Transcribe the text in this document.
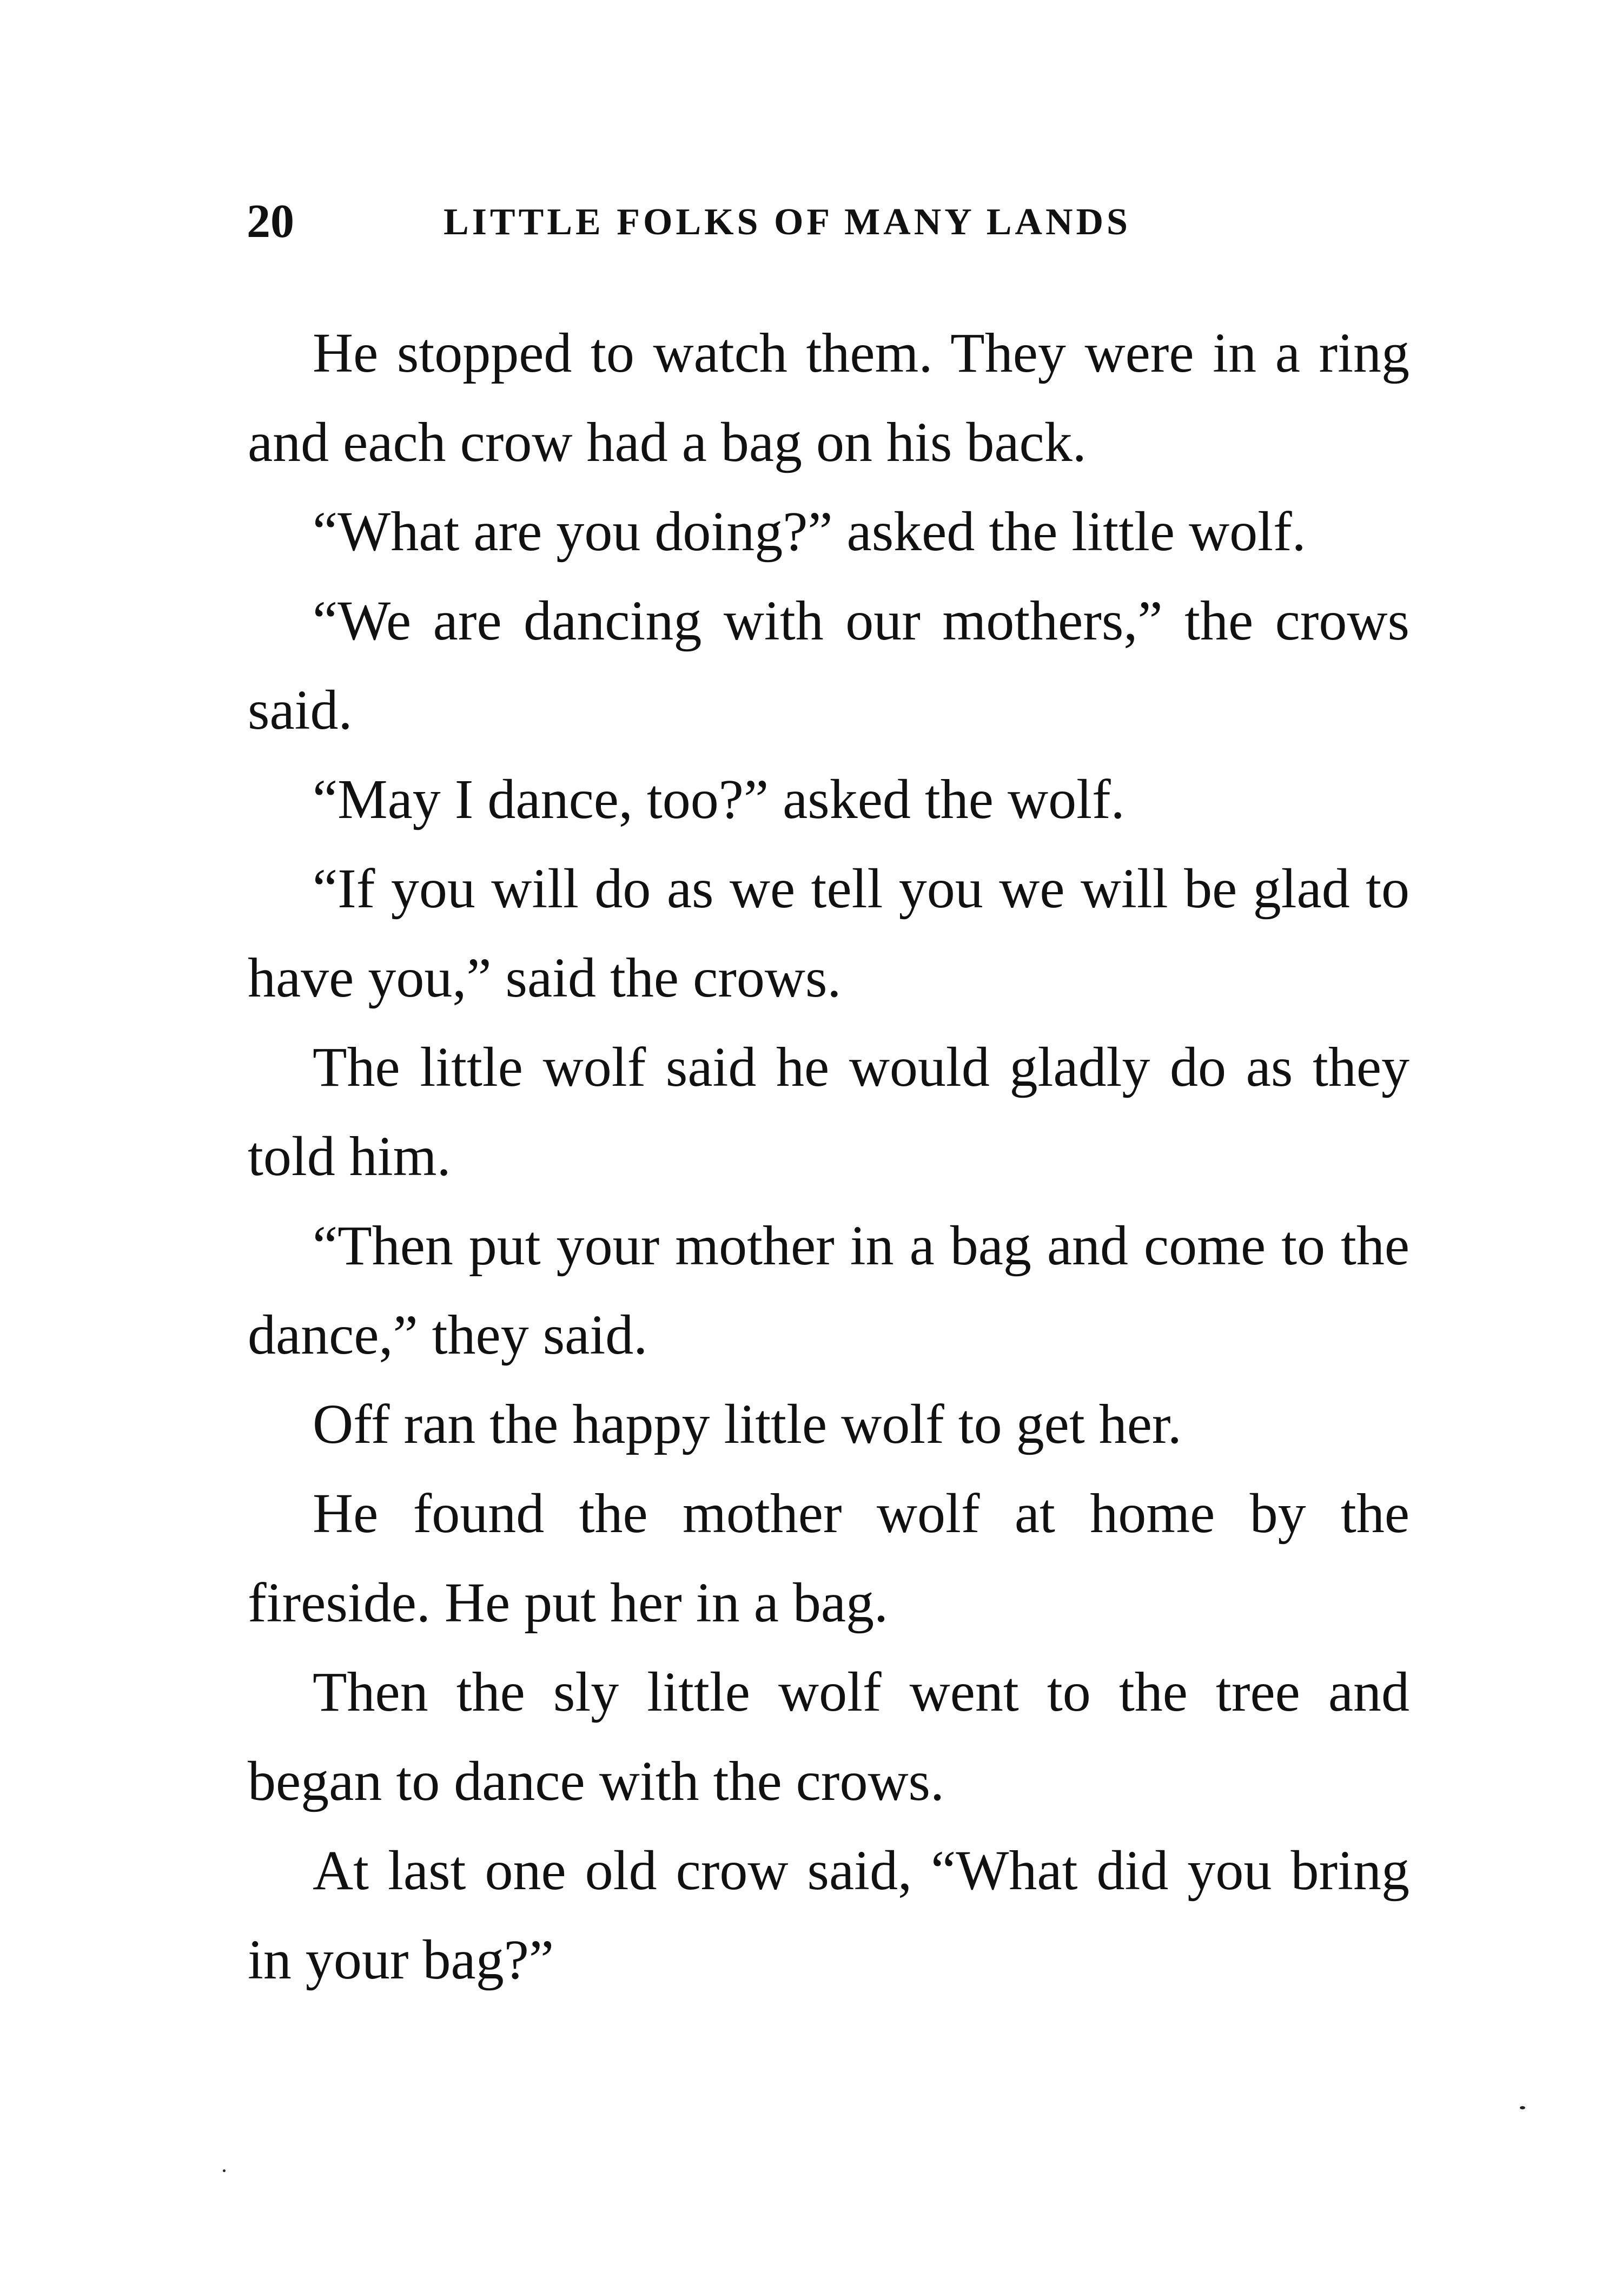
20	LITTLE FOLKS OF MANY LANDS

He stopped to watch them. They were in a ring and each crow had a bag on his back.

“What are you doing?” asked the little wolf.

“We are dancing with our mothers,” the crows said.

“May I dance, too?” asked the wolf.

“If you will do as we tell you we will be glad to have you,” said the crows.

The little wolf said he would gladly do as they told him.

“Then put your mother in a bag and come to the dance,” they said.

Off ran the happy little wolf to get her.

He found the mother wolf at home by the fireside. He put her in a bag.

Then the sly little wolf went to the tree and began to dance with the crows.

At last one old crow said, “What did you bring in your bag?”
